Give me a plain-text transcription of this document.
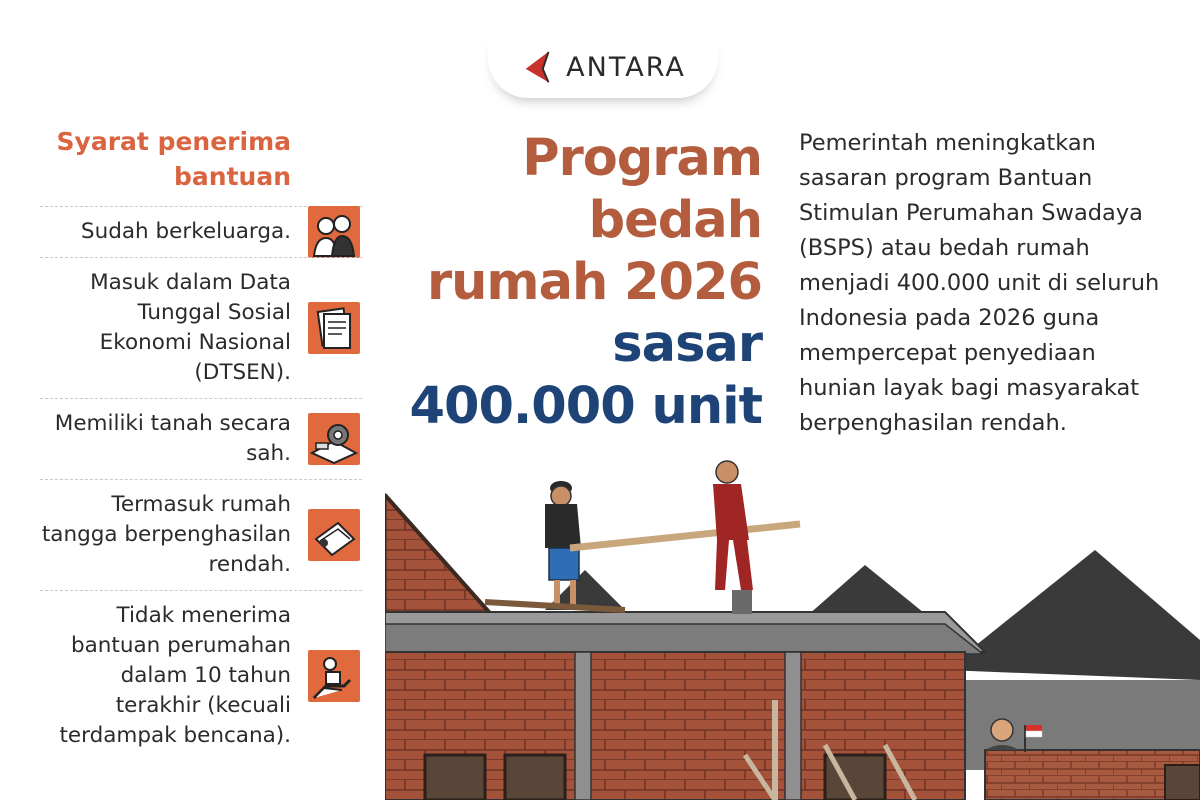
ANTARA
Syarat penerima bantuan
Sudah berkeluarga.
Masuk dalam Data Tunggal Sosial Ekonomi Nasional (DTSEN).
Memiliki tanah secara sah.
Termasuk rumah tangga berpenghasilan rendah.
Tidak menerima bantuan perumahan dalam 10 tahun terakhir (kecuali terdampak bencana).
Program
bedah
rumah 2026
sasar
400.000 unit
Pemerintah meningkatkan sasaran program Bantuan Stimulan Perumahan Swadaya (BSPS) atau bedah rumah menjadi 400.000 unit di seluruh Indonesia pada 2026 guna mempercepat penyediaan hunian layak bagi masyarakat berpenghasilan rendah.
